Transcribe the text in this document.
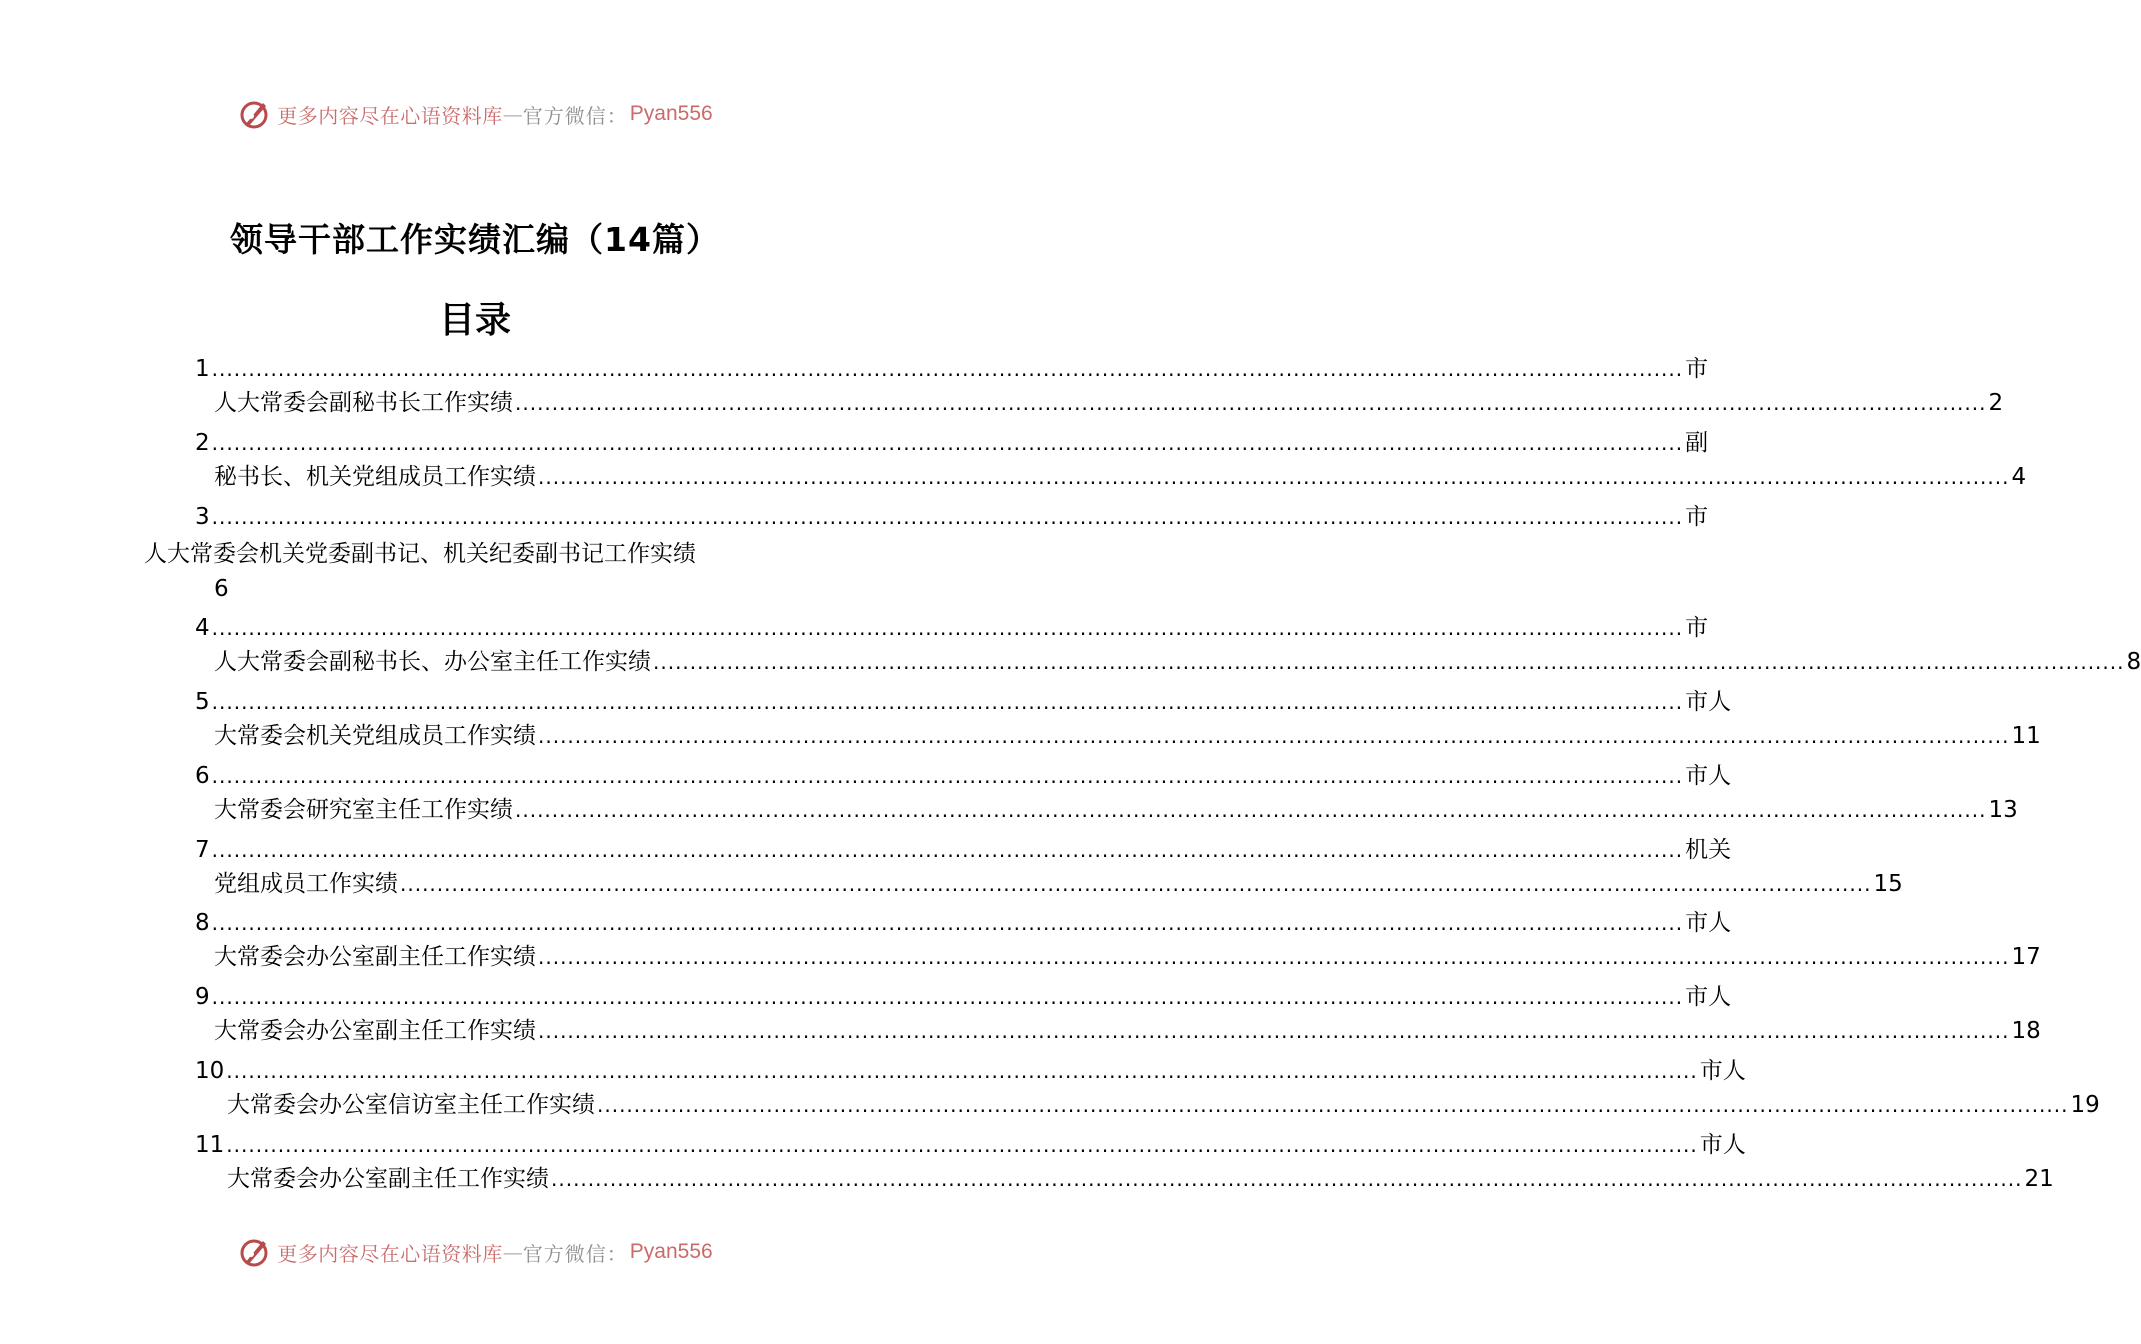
更多内容尽在心语资料库 — 官方微信： Pyan556
领导干部工作实绩汇编（14篇）
目录
1 ........................................................................................................................................................................................................ 市
人大常委会副秘书长工作实绩 ........................................................................................................................................................................................................ 2
2 ........................................................................................................................................................................................................ 副
秘书长、机关党组成员工作实绩 ........................................................................................................................................................................................................ 4
3 ........................................................................................................................................................................................................ 市
人大常委会机关党委副书记、机关纪委副书记工作实绩
6
4 ........................................................................................................................................................................................................ 市
人大常委会副秘书长、办公室主任工作实绩 ........................................................................................................................................................................................................ 8
5 ........................................................................................................................................................................................................ 市人
大常委会机关党组成员工作实绩 ........................................................................................................................................................................................................ 11
6 ........................................................................................................................................................................................................ 市人
大常委会研究室主任工作实绩 ........................................................................................................................................................................................................ 13
7 ........................................................................................................................................................................................................ 机关
党组成员工作实绩 ........................................................................................................................................................................................................ 15
8 ........................................................................................................................................................................................................ 市人
大常委会办公室副主任工作实绩 ........................................................................................................................................................................................................ 17
9 ........................................................................................................................................................................................................ 市人
大常委会办公室副主任工作实绩 ........................................................................................................................................................................................................ 18
10 ........................................................................................................................................................................................................ 市人
大常委会办公室信访室主任工作实绩 ........................................................................................................................................................................................................ 19
11 ........................................................................................................................................................................................................ 市人
大常委会办公室副主任工作实绩 ........................................................................................................................................................................................................ 21
更多内容尽在心语资料库 — 官方微信： Pyan556
